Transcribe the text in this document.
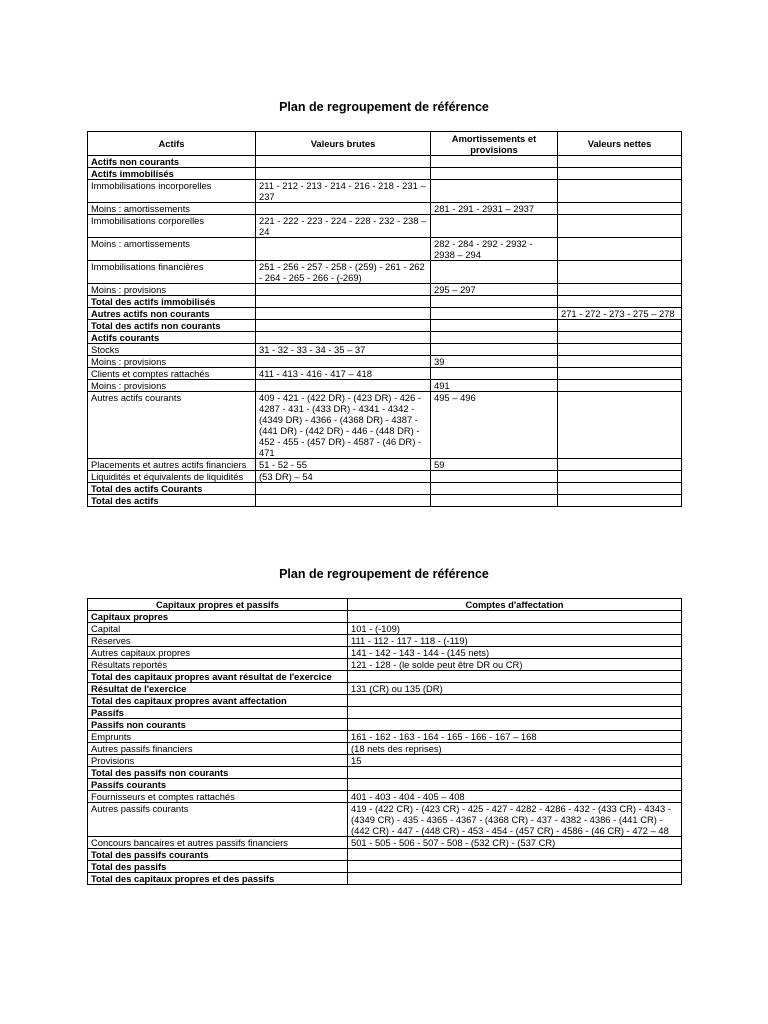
Plan de regroupement de référence
Actifs	Valeurs brutes	Amortissements et provisions	Valeurs nettes
Actifs non courants			
Actifs immobilisés			
Immobilisations incorporelles	211 - 212 - 213 - 214 - 216 - 218 - 231 – 237		
Moins : amortissements		281 - 291 - 2931 – 2937	
Immobilisations corporelles	221 - 222 - 223 - 224 - 228 - 232 - 238 – 24		
Moins : amortissements		282 - 284 - 292 - 2932 - 2938 – 294	
Immobilisations financières	251 - 256 - 257 - 258 - (259) - 261 - 262 - 264 - 265 - 266 - (-269)		
Moins : provisions		295 – 297	
Total des actifs immobilisés			
Autres actifs non courants			271 - 272 - 273 - 275 – 278
Total des actifs non courants			
Actifs courants			
Stocks	31 - 32 - 33 - 34 - 35 – 37		
Moins : provisions		39	
Clients et comptes rattachés	411 - 413 - 416 - 417 – 418		
Moins : provisions		491	
Autres actifs courants	409 - 421 - (422 DR) - (423 DR) - 426 - 4287 - 431 - (433 DR) - 4341 - 4342 - (4349 DR) - 4366 - (4368 DR) - 4387 - (441 DR) - (442 DR) - 446 - (448 DR) - 452 - 455 - (457 DR) - 4587 - (46 DR) - 471	495 – 496	
Placements et autres actifs financiers	51 - 52 - 55	59	
Liquidités et équivalents de liquidités	(53 DR) – 54		
Total des actifs Courants			
Total des actifs			
Plan de regroupement de référence
Capitaux propres et passifs	Comptes d'affectation
Capitaux propres	
Capital	101 - (-109)
Réserves	111 - 112 - 117 - 118 - (-119)
Autres capitaux propres	141 - 142 - 143 - 144 - (145 nets)
Résultats reportés	121 - 128 - (le solde peut être DR ou CR)
Total des capitaux propres avant résultat de l'exercice	
Résultat de l'exercice	131 (CR) ou 135 (DR)
Total des capitaux propres avant affectation	
Passifs	
Passifs non courants	
Emprunts	161 - 162 - 163 - 164 - 165 - 166 - 167 – 168
Autres passifs financiers	(18 nets des reprises)
Provisions	15
Total des passifs non courants	
Passifs courants	
Fournisseurs et comptes rattachés	401 - 403 - 404 - 405 – 408
Autres passifs courants	419 - (422 CR) - (423 CR) - 425 - 427 - 4282 - 4286 - 432 - (433 CR) - 4343 - (4349 CR) - 435 - 4365 - 4367 - (4368 CR) - 437 - 4382 - 4386 - (441 CR) - (442 CR) - 447 - (448 CR) - 453 - 454 - (457 CR) - 4586 - (46 CR) - 472 – 48
Concours bancaires et autres passifs financiers	501 - 505 - 506 - 507 - 508 - (532 CR) - (537 CR)
Total des passifs courants	
Total des passifs	
Total des capitaux propres et des passifs	
